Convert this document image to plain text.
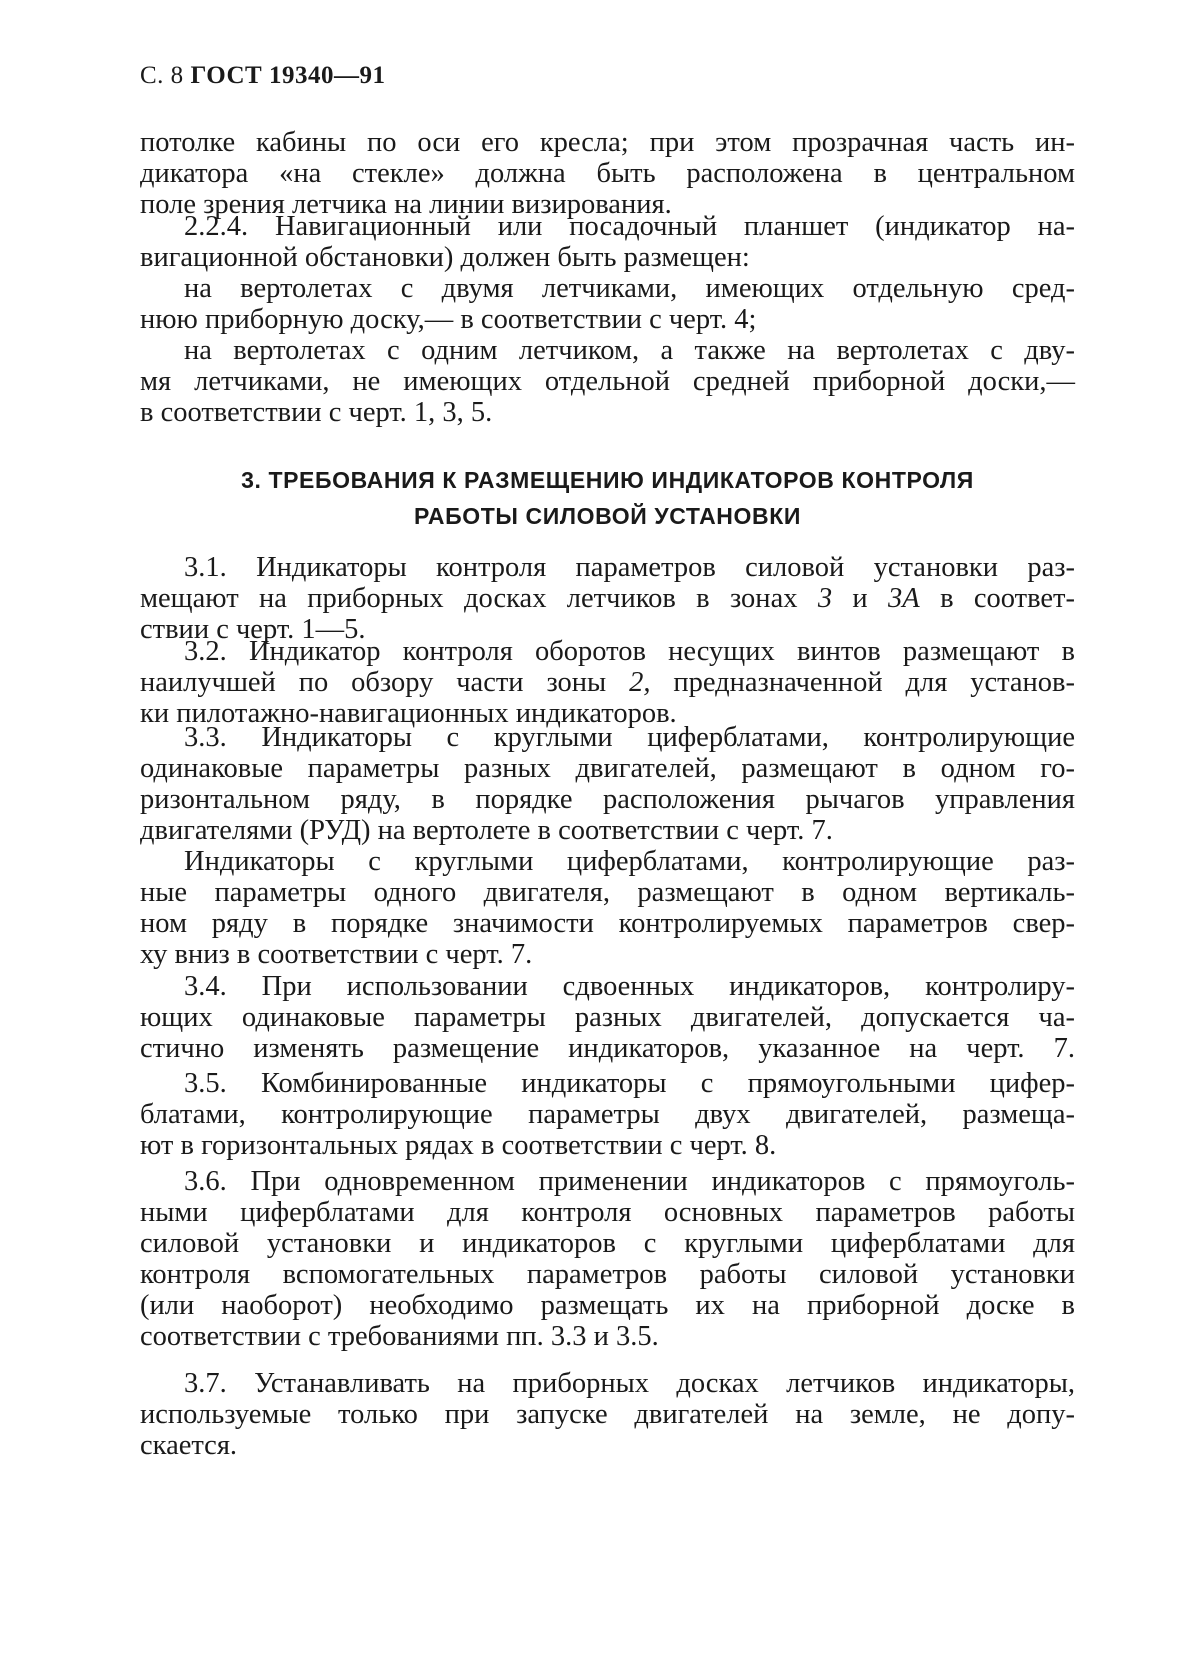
С. 8 ГОСТ 19340—91
потолке кабины по оси его кресла; при этом прозрачная часть ин-
дикатора «на стекле» должна быть расположена в центральном
поле зрения летчика на линии визирования.
2.2.4. Навигационный или посадочный планшет (индикатор на-
вигационной обстановки) должен быть размещен:
на вертолетах с двумя летчиками, имеющих отдельную сред-
нюю приборную доску,— в соответствии с черт. 4;
на вертолетах с одним летчиком, а также на вертолетах с дву-
мя летчиками, не имеющих отдельной средней приборной доски,—
в соответствии с черт. 1, 3, 5.
3. ТРЕБОВАНИЯ К РАЗМЕЩЕНИЮ ИНДИКАТОРОВ КОНТРОЛЯ
РАБОТЫ СИЛОВОЙ УСТАНОВКИ
3.1. Индикаторы контроля параметров силовой установки раз-
мещают на приборных досках летчиков в зонах 3 и 3А в соответ-
ствии с черт. 1—5.
3.2. Индикатор контроля оборотов несущих винтов размещают в
наилучшей по обзору части зоны 2, предназначенной для установ-
ки пилотажно-навигационных индикаторов.
3.3. Индикаторы с круглыми циферблатами, контролирующие
одинаковые параметры разных двигателей, размещают в одном го-
ризонтальном ряду, в порядке расположения рычагов управления
двигателями (РУД) на вертолете в соответствии с черт. 7.
Индикаторы с круглыми циферблатами, контролирующие раз-
ные параметры одного двигателя, размещают в одном вертикаль-
ном ряду в порядке значимости контролируемых параметров свер-
ху вниз в соответствии с черт. 7.
3.4. При использовании сдвоенных индикаторов, контролиру-
ющих одинаковые параметры разных двигателей, допускается ча-
стично изменять размещение индикаторов, указанное на черт. 7.
3.5. Комбинированные индикаторы с прямоугольными цифер-
блатами, контролирующие параметры двух двигателей, размеща-
ют в горизонтальных рядах в соответствии с черт. 8.
3.6. При одновременном применении индикаторов с прямоуголь-
ными циферблатами для контроля основных параметров работы
силовой установки и индикаторов с круглыми циферблатами для
контроля вспомогательных параметров работы силовой установки
(или наоборот) необходимо размещать их на приборной доске в
соответствии с требованиями пп. 3.3 и 3.5.
3.7. Устанавливать на приборных досках летчиков индикаторы,
используемые только при запуске двигателей на земле, не допу-
скается.
